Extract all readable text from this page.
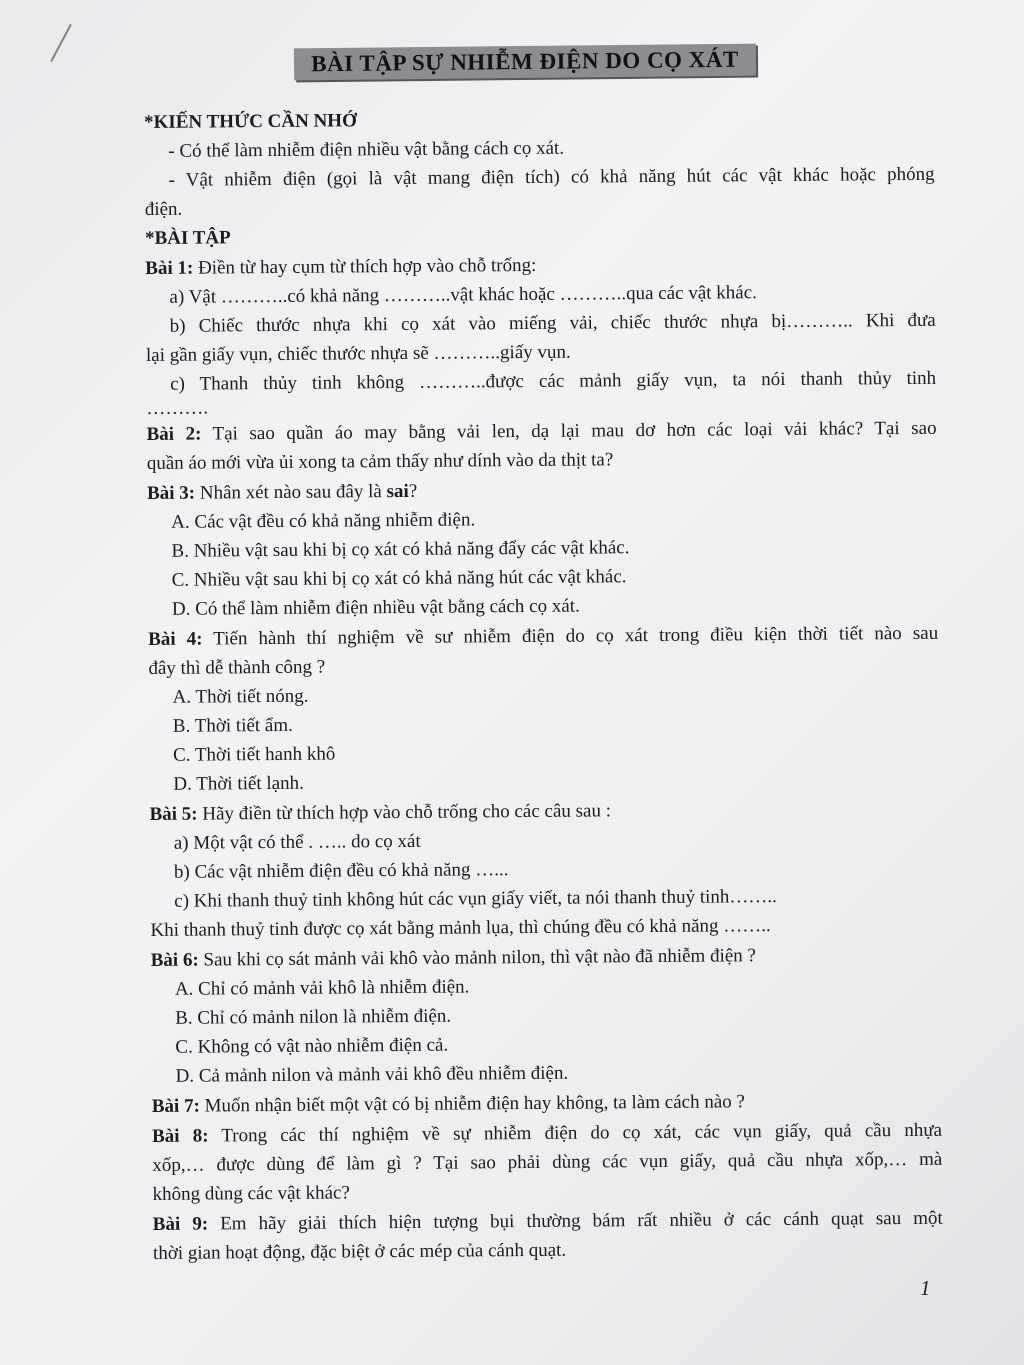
BÀI TẬP SỰ NHIỄM ĐIỆN DO CỌ XÁT
*KIẾN THỨC CẦN NHỚ
- Có thể làm nhiễm điện nhiều vật bằng cách cọ xát.
- Vật nhiễm điện (gọi là vật mang điện tích) có khả năng hút các vật khác hoặc phóng
điện.
*BÀI TẬP
Bài 1: Điền từ hay cụm từ thích hợp vào chỗ trống:
a) Vật ………..có khả năng ………..vật khác hoặc ………..qua các vật khác.
b) Chiếc thước nhựa khi cọ xát vào miếng vải, chiếc thước nhựa bị……….. Khi đưa
lại gần giấy vụn, chiếc thước nhựa sẽ ………..giấy vụn.
c) Thanh thủy tinh không ………..được các mảnh giấy vụn, ta nói thanh thủy tinh
……….
Bài 2: Tại sao quần áo may bằng vải len, dạ lại mau dơ hơn các loại vải khác? Tại sao
quần áo mới vừa ủi xong ta cảm thấy như dính vào da thịt ta?
Bài 3: Nhân xét nào sau đây là sai?
A. Các vật đều có khả năng nhiễm điện.
B. Nhiều vật sau khi bị cọ xát có khả năng đẩy các vật khác.
C. Nhiều vật sau khi bị cọ xát có khả năng hút các vật khác.
D. Có thể làm nhiễm điện nhiều vật bằng cách cọ xát.
Bài 4: Tiến hành thí nghiệm về sư nhiễm điện do cọ xát trong điều kiện thời tiết nào sau
đây thì dễ thành công ?
A. Thời tiết nóng.
B. Thời tiết ẩm.
C. Thời tiết hanh khô
D. Thời tiết lạnh.
Bài 5: Hãy điền từ thích hợp vào chỗ trống cho các câu sau :
a) Một vật có thể . ….. do cọ xát
b) Các vật nhiễm điện đều có khả năng …...
c) Khi thanh thuỷ tinh không hút các vụn giấy viết, ta nói thanh thuỷ tinh……..
Khi thanh thuỷ tinh được cọ xát bằng mảnh lụa, thì chúng đều có khả năng ……..
Bài 6: Sau khi cọ sát mảnh vải khô vào mảnh nilon, thì vật nào đã nhiễm điện ?
A. Chỉ có mảnh vải khô là nhiễm điện.
B. Chỉ có mảnh nilon là nhiễm điện.
C. Không có vật nào nhiễm điện cả.
D. Cả mảnh nilon và mảnh vải khô đều nhiễm điện.
Bài 7: Muốn nhận biết một vật có bị nhiễm điện hay không, ta làm cách nào ?
Bài 8: Trong các thí nghiệm về sự nhiễm điện do cọ xát, các vụn giấy, quả cầu nhựa
xốp,… được dùng để làm gì ? Tại sao phải dùng các vụn giấy, quả cầu nhựa xốp,… mà
không dùng các vật khác?
Bài 9: Em hãy giải thích hiện tượng bụi thường bám rất nhiều ở các cánh quạt sau một
thời gian hoạt động, đặc biệt ở các mép của cánh quạt.
1
